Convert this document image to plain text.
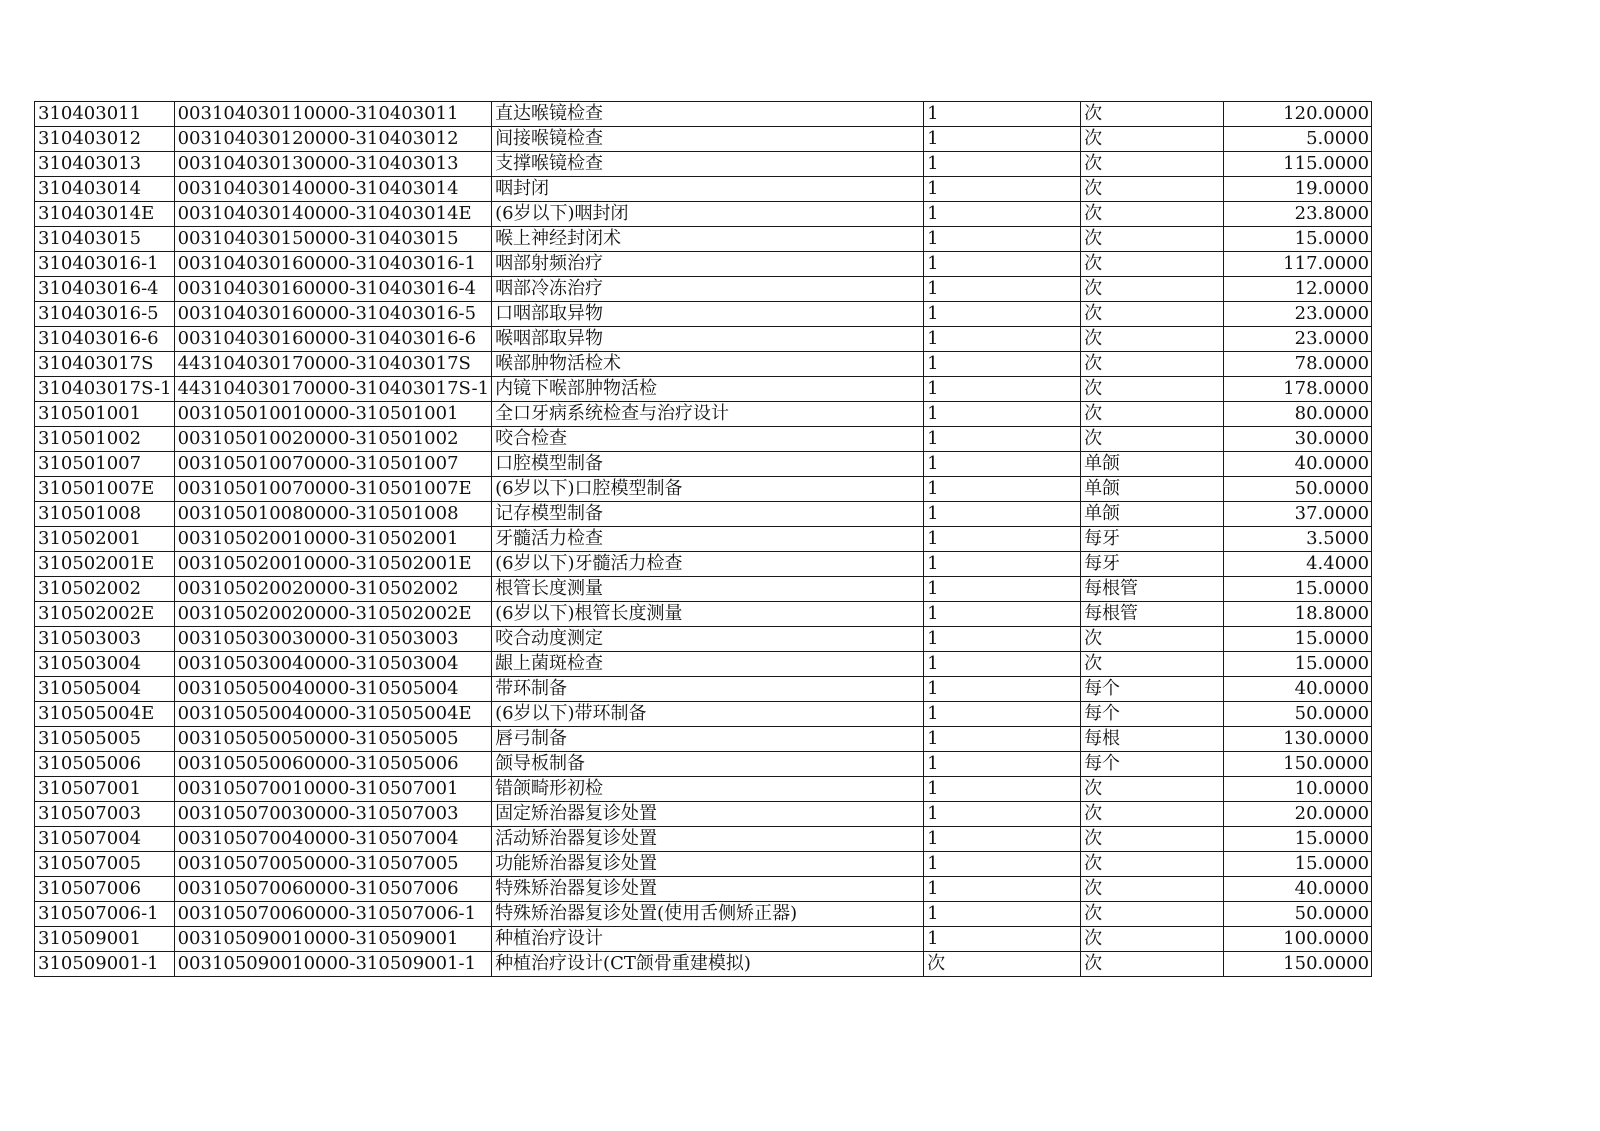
310403011	003104030110000-310403011	直达喉镜检查	1	次	120.0000
310403012	003104030120000-310403012	间接喉镜检查	1	次	5.0000
310403013	003104030130000-310403013	支撑喉镜检查	1	次	115.0000
310403014	003104030140000-310403014	咽封闭	1	次	19.0000
310403014E	003104030140000-310403014E	(6岁以下)咽封闭	1	次	23.8000
310403015	003104030150000-310403015	喉上神经封闭术	1	次	15.0000
310403016-1	003104030160000-310403016-1	咽部射频治疗	1	次	117.0000
310403016-4	003104030160000-310403016-4	咽部冷冻治疗	1	次	12.0000
310403016-5	003104030160000-310403016-5	口咽部取异物	1	次	23.0000
310403016-6	003104030160000-310403016-6	喉咽部取异物	1	次	23.0000
310403017S	443104030170000-310403017S	喉部肿物活检术	1	次	78.0000
310403017S-1	443104030170000-310403017S-1	内镜下喉部肿物活检	1	次	178.0000
310501001	003105010010000-310501001	全口牙病系统检查与治疗设计	1	次	80.0000
310501002	003105010020000-310501002	咬合检查	1	次	30.0000
310501007	003105010070000-310501007	口腔模型制备	1	单颌	40.0000
310501007E	003105010070000-310501007E	(6岁以下)口腔模型制备	1	单颌	50.0000
310501008	003105010080000-310501008	记存模型制备	1	单颌	37.0000
310502001	003105020010000-310502001	牙髓活力检查	1	每牙	3.5000
310502001E	003105020010000-310502001E	(6岁以下)牙髓活力检查	1	每牙	4.4000
310502002	003105020020000-310502002	根管长度测量	1	每根管	15.0000
310502002E	003105020020000-310502002E	(6岁以下)根管长度测量	1	每根管	18.8000
310503003	003105030030000-310503003	咬合动度测定	1	次	15.0000
310503004	003105030040000-310503004	龈上菌斑检查	1	次	15.0000
310505004	003105050040000-310505004	带环制备	1	每个	40.0000
310505004E	003105050040000-310505004E	(6岁以下)带环制备	1	每个	50.0000
310505005	003105050050000-310505005	唇弓制备	1	每根	130.0000
310505006	003105050060000-310505006	颌导板制备	1	每个	150.0000
310507001	003105070010000-310507001	错颌畸形初检	1	次	10.0000
310507003	003105070030000-310507003	固定矫治器复诊处置	1	次	20.0000
310507004	003105070040000-310507004	活动矫治器复诊处置	1	次	15.0000
310507005	003105070050000-310507005	功能矫治器复诊处置	1	次	15.0000
310507006	003105070060000-310507006	特殊矫治器复诊处置	1	次	40.0000
310507006-1	003105070060000-310507006-1	特殊矫治器复诊处置(使用舌侧矫正器)	1	次	50.0000
310509001	003105090010000-310509001	种植治疗设计	1	次	100.0000
310509001-1	003105090010000-310509001-1	种植治疗设计(CT颌骨重建模拟)	次	次	150.0000
